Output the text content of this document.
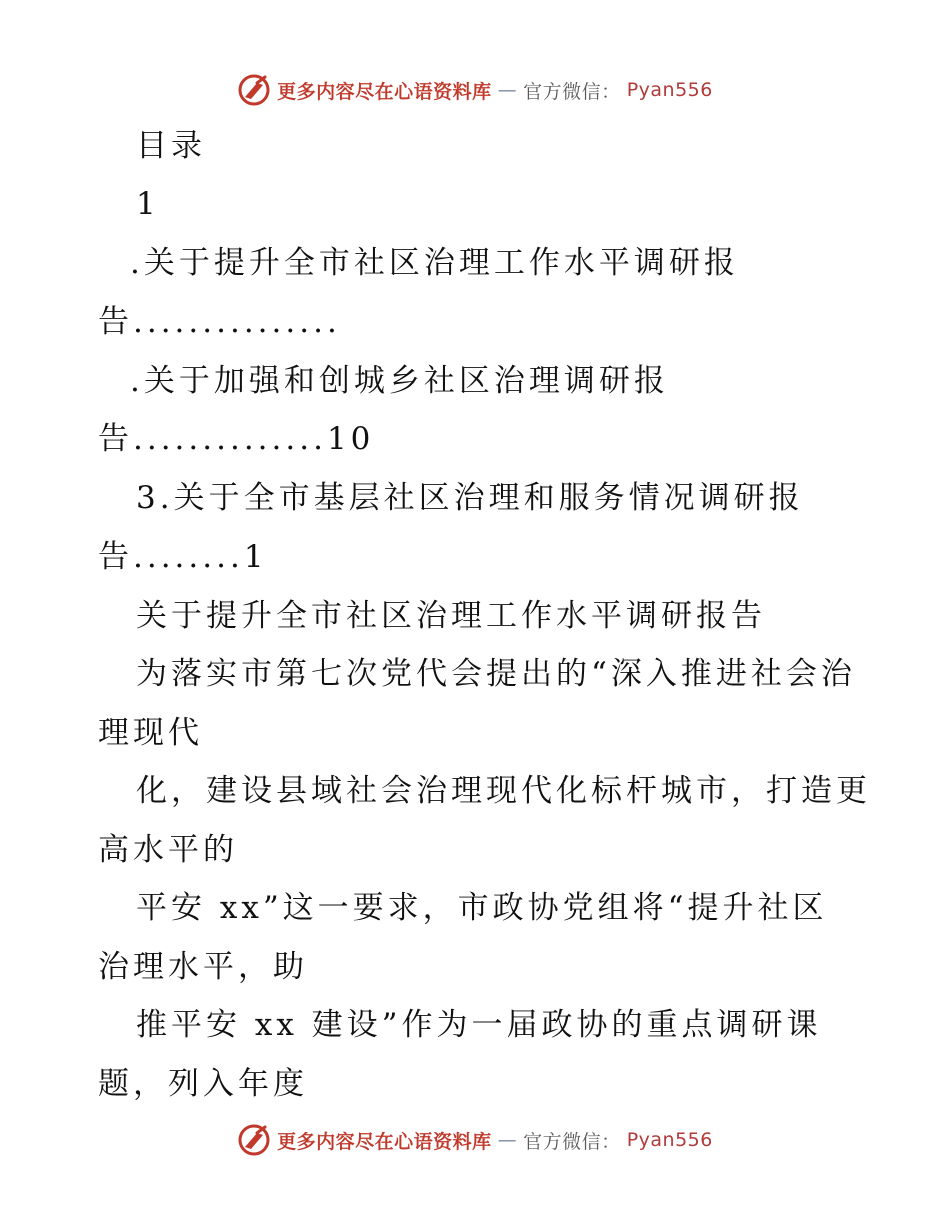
更多内容尽在心语资料库 — 官方微信： Pyan556
目录
1
.关于提升全市社区治理工作水平调研报
告...............
.关于加强和创城乡社区治理调研报
告..............10
3.关于全市基层社区治理和服务情况调研报
告........1
关于提升全市社区治理工作水平调研报告
为落实市第七次党代会提出的“深入推进社会治
理现代
化，建设县域社会治理现代化标杆城市，打造更
高水平的
平安 xx”这一要求，市政协党组将“提升社区
治理水平，助
推平安 xx 建设”作为一届政协的重点调研课
题，列入年度
更多内容尽在心语资料库 — 官方微信： Pyan556
